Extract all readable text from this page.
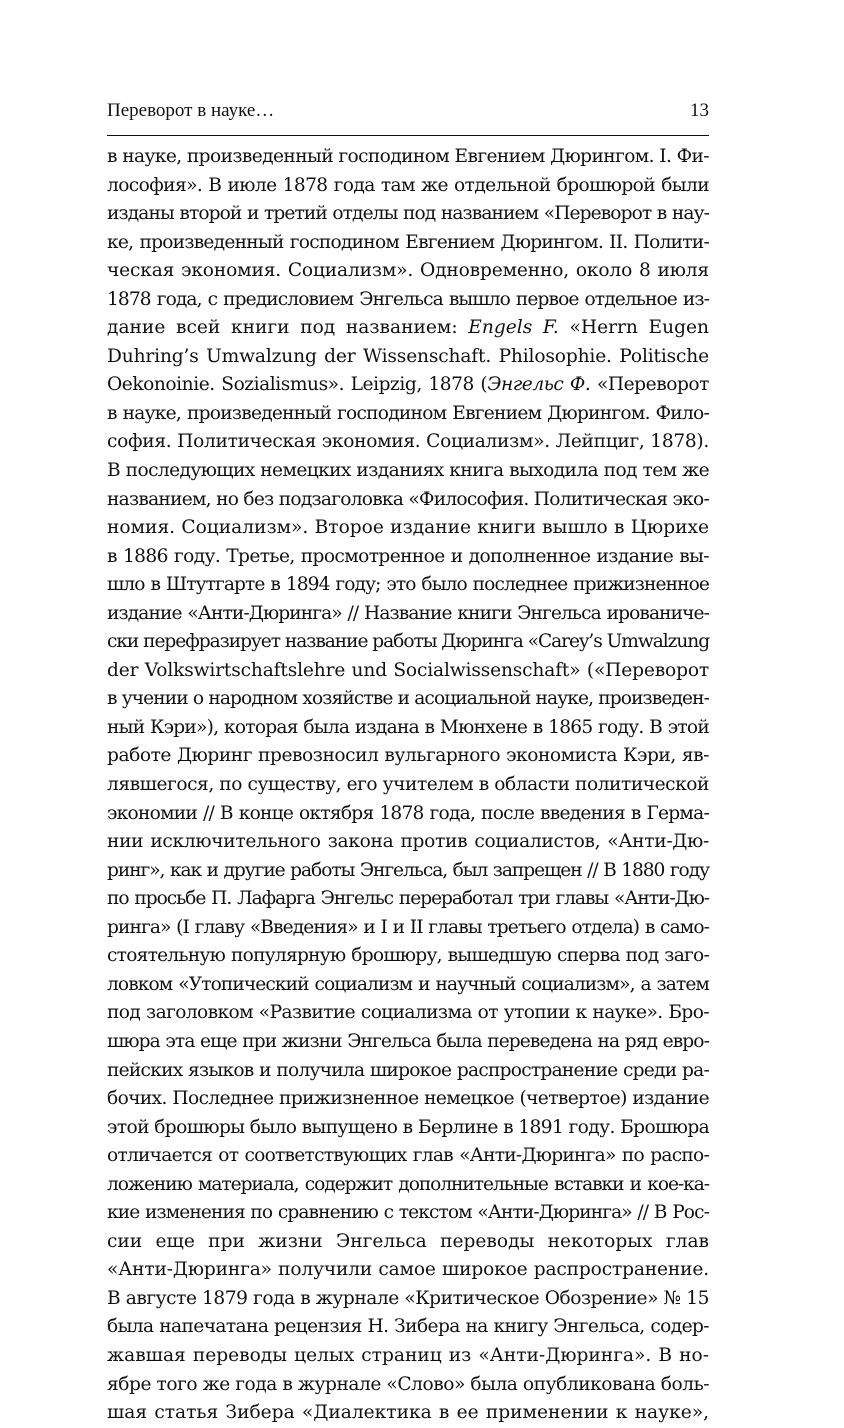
Переворот в науке…	13
в науке, произведенный господином Евгением Дюрингом. I. Фи-
лософия». В июле 1878 года там же отдельной брошюрой были
изданы второй и третий отделы под названием «Переворот в нау-
ке, произведенный господином Евгением Дюрингом. II. Полити-
ческая экономия. Социализм». Одновременно, около 8 июля
1878 года, с предисловием Энгельса вышло первое отдельное из-
дание всей книги под названием: Engels F. «Herrn Eugen
Duhring’s Umwalzung der Wissenschaft. Philosophie. Politische
Oekonoinie. Sozialismus». Leipzig, 1878 (Энгельс Ф. «Переворот
в науке, произведенный господином Евгением Дюрингом. Фило-
софия. Политическая экономия. Социализм». Лейпциг, 1878).
В последующих немецких изданиях книга выходила под тем же
названием, но без подзаголовка «Философия. Политическая эко-
номия. Социализм». Второе издание книги вышло в Цюрихе
в 1886 году. Третье, просмотренное и дополненное издание вы-
шло в Штутгарте в 1894 году; это было последнее прижизненное
издание «Анти-Дюринга» // Название книги Энгельса ированиче-
ски перефразирует название работы Дюринга «Carey’s Umwalzung
der Volkswirtschaftslehre und Socialwissenschaft» («Переворот
в учении о народном хозяйстве и асоциальной науке, произведен-
ный Кэри»), которая была издана в Мюнхене в 1865 году. В этой
работе Дюринг превозносил вульгарного экономиста Кэри, яв-
лявшегося, по существу, его учителем в области политической
экономии // В конце октября 1878 года, после введения в Герма-
нии исключительного закона против социалистов, «Анти-Дю-
ринг», как и другие работы Энгельса, был запрещен // В 1880 году
по просьбе П. Лафарга Энгельс переработал три главы «Анти-Дю-
ринга» (I главу «Введения» и I и II главы третьего отдела) в само-
стоятельную популярную брошюру, вышедшую сперва под заго-
ловком «Утопический социализм и научный социализм», а затем
под заголовком «Развитие социализма от утопии к науке». Бро-
шюра эта еще при жизни Энгельса была переведена на ряд евро-
пейских языков и получила широкое распространение среди ра-
бочих. Последнее прижизненное немецкое (четвертое) издание
этой брошюры было выпущено в Берлине в 1891 году. Брошюра
отличается от соответствующих глав «Анти-Дюринга» по распо-
ложению материала, содержит дополнительные вставки и кое-ка-
кие изменения по сравнению с текстом «Анти-Дюринга» // В Рос-
сии еще при жизни Энгельса переводы некоторых глав
«Анти-Дюринга» получили самое широкое распространение.
В августе 1879 года в журнале «Критическое Обозрение» № 15
была напечатана рецензия Н. Зибера на книгу Энгельса, содер-
жавшая переводы целых страниц из «Анти-Дюринга». В но-
ябре того же года в журнале «Слово» была опубликована боль-
шая статья Зибера «Диалектика в ее применении к науке»,
